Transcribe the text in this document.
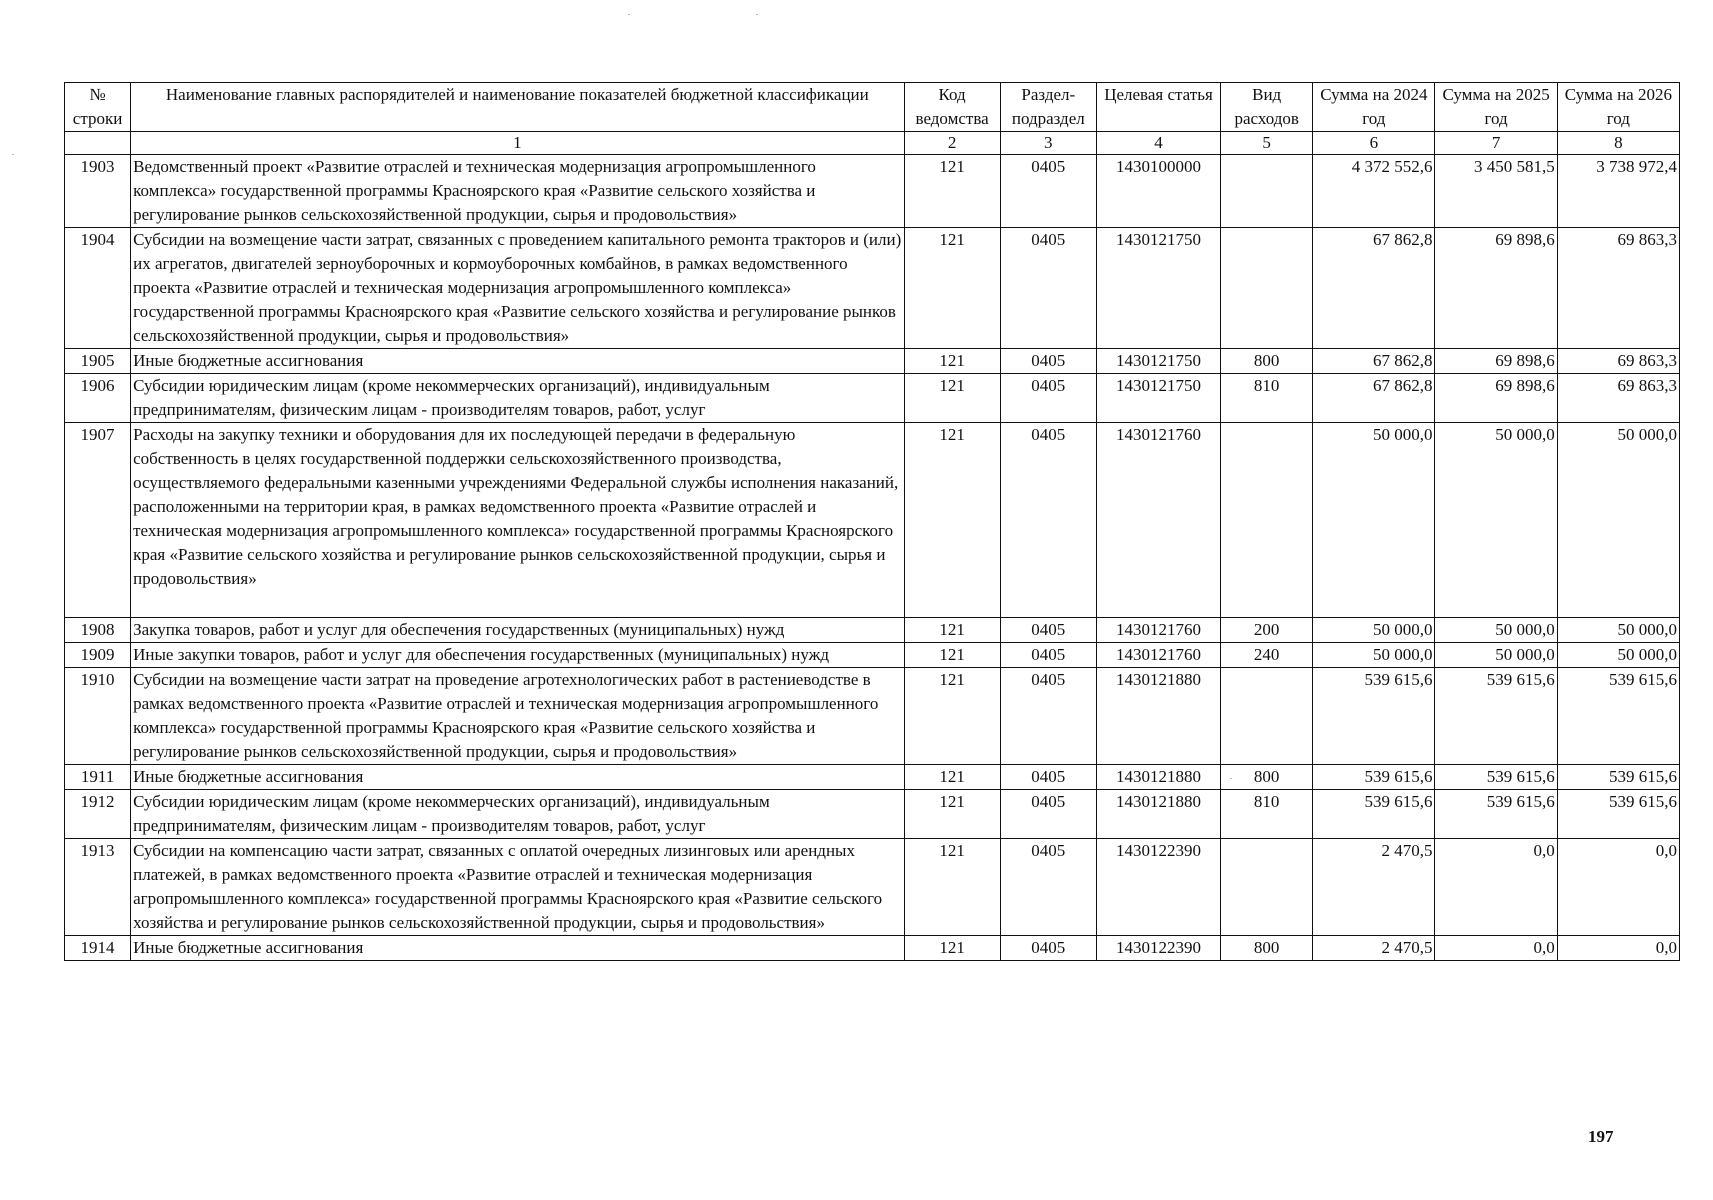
№ строки	Наименование главных распорядителей и наименование показателей бюджетной классификации	Код ведомства	Раздел-подраздел	Целевая статья	Вид расходов	Сумма на 2024 год	Сумма на 2025 год	Сумма на 2026 год
	1	2	3	4	5	6	7	8
1903	Ведомственный проект «Развитие отраслей и техническая модернизация агропромышленного комплекса» государственной программы Красноярского края «Развитие сельского хозяйства и регулирование рынков сельскохозяйственной продукции, сырья и продовольствия»	121	0405	1430100000		4 372 552,6	3 450 581,5	3 738 972,4
1904	Субсидии на возмещение части затрат, связанных с проведением капитального ремонта тракторов и (или) их агрегатов, двигателей зерноуборочных и кормоуборочных комбайнов, в рамках ведомственного проекта «Развитие отраслей и техническая модернизация агропромышленного комплекса» государственной программы Красноярского края «Развитие сельского хозяйства и регулирование рынков сельскохозяйственной продукции, сырья и продовольствия»	121	0405	1430121750		67 862,8	69 898,6	69 863,3
1905	Иные бюджетные ассигнования	121	0405	1430121750	800	67 862,8	69 898,6	69 863,3
1906	Субсидии юридическим лицам (кроме некоммерческих организаций), индивидуальным предпринимателям, физическим лицам - производителям товаров, работ, услуг	121	0405	1430121750	810	67 862,8	69 898,6	69 863,3
1907	Расходы на закупку техники и оборудования для их последующей передачи в федеральную собственность в целях государственной поддержки сельскохозяйственного производства, осуществляемого федеральными казенными учреждениями Федеральной службы исполнения наказаний, расположенными на территории края, в рамках ведомственного проекта «Развитие отраслей и техническая модернизация агропромышленного комплекса» государственной программы Красноярского края «Развитие сельского хозяйства и регулирование рынков сельскохозяйственной продукции, сырья и продовольствия»	121	0405	1430121760		50 000,0	50 000,0	50 000,0
1908	Закупка товаров, работ и услуг для обеспечения государственных (муниципальных) нужд	121	0405	1430121760	200	50 000,0	50 000,0	50 000,0
1909	Иные закупки товаров, работ и услуг для обеспечения государственных (муниципальных) нужд	121	0405	1430121760	240	50 000,0	50 000,0	50 000,0
1910	Субсидии на возмещение части затрат на проведение агротехнологических работ в растениеводстве в рамках ведомственного проекта «Развитие отраслей и техническая модернизация агропромышленного комплекса» государственной программы Красноярского края «Развитие сельского хозяйства и регулирование рынков сельскохозяйственной продукции, сырья и продовольствия»	121	0405	1430121880		539 615,6	539 615,6	539 615,6
1911	Иные бюджетные ассигнования	121	0405	1430121880	800	539 615,6	539 615,6	539 615,6
1912	Субсидии юридическим лицам (кроме некоммерческих организаций), индивидуальным предпринимателям, физическим лицам - производителям товаров, работ, услуг	121	0405	1430121880	810	539 615,6	539 615,6	539 615,6
1913	Субсидии на компенсацию части затрат, связанных с оплатой очередных лизинговых или арендных платежей, в рамках ведомственного проекта «Развитие отраслей и техническая модернизация агропромышленного комплекса» государственной программы Красноярского края «Развитие сельского хозяйства и регулирование рынков сельскохозяйственной продукции, сырья и продовольствия»	121	0405	1430122390		2 470,5	0,0	0,0
1914	Иные бюджетные ассигнования	121	0405	1430122390	800	2 470,5	0,0	0,0
197
